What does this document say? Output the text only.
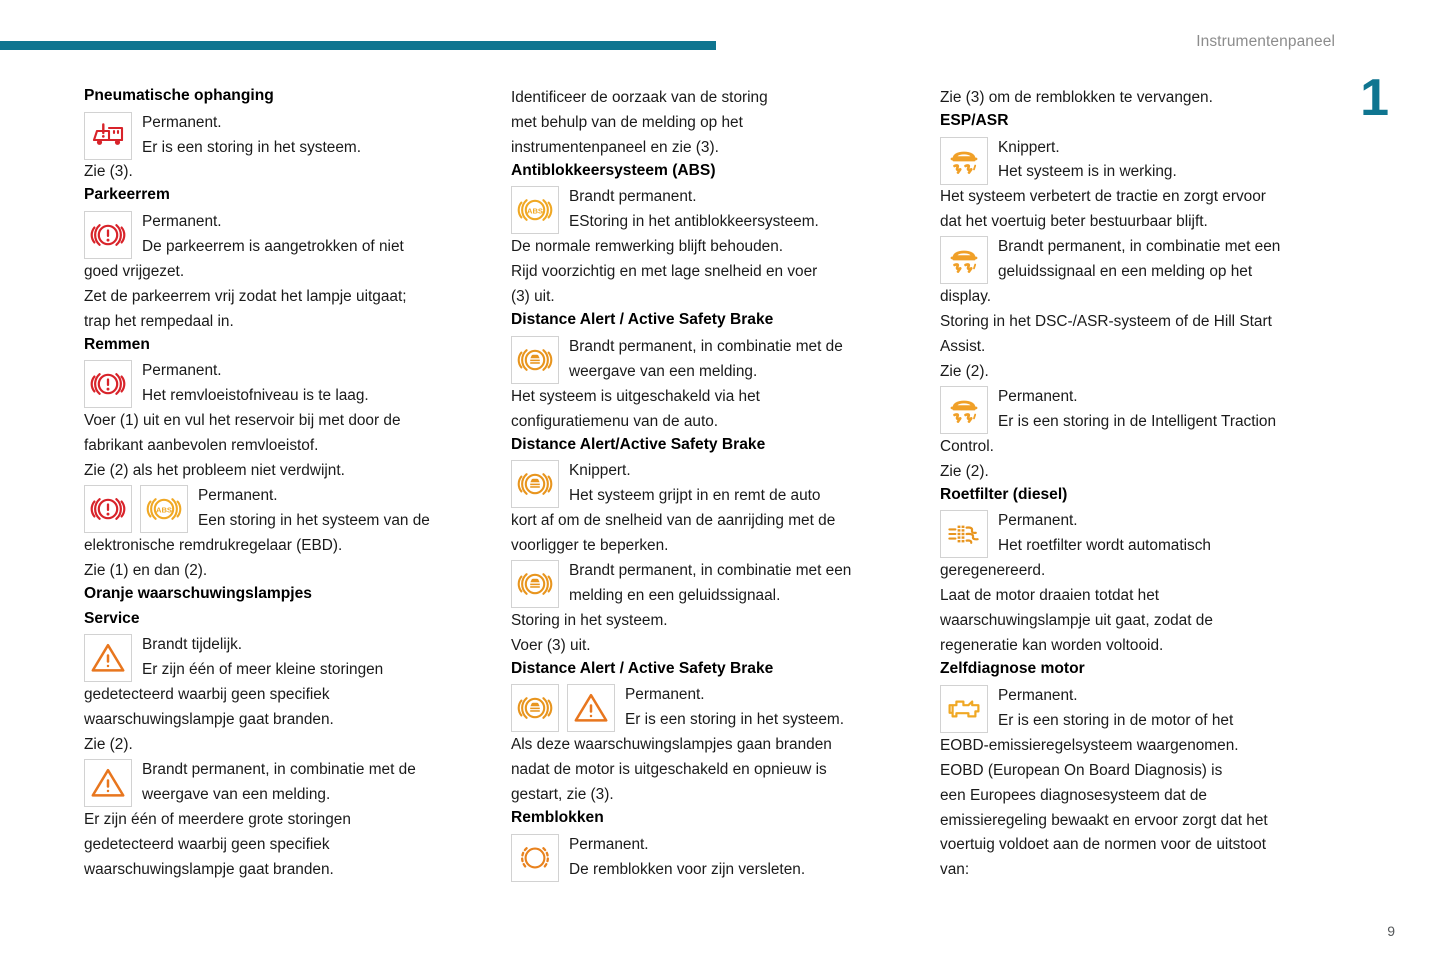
Instrumentenpaneel
1
9
Pneumatische ophanging
Permanent.
Er is een storing in het systeem.

Zie (3).

Parkeerrem
Permanent.
De parkeerrem is aangetrokken of niet

goed vrijgezet.

Zet de parkeerrem vrij zodat het lampje uitgaat;

trap het rempedaal in.

Remmen
Permanent.
Het remvloeistofniveau is te laag.

Voer (1) uit en vul het reservoir bij met door de

fabrikant aanbevolen remvloeistof.

Zie (2) als het probleem niet verdwijnt.

Permanent.
Een storing in het systeem van de

elektronische remdrukregelaar (EBD).

Zie (1) en dan (2).

Oranje waarschuwingslampjes
Service
Brandt tijdelijk.
Er zijn één of meer kleine storingen

gedetecteerd waarbij geen specifiek

waarschuwingslampje gaat branden.

Zie (2).

Brandt permanent, in combinatie met de
weergave van een melding.

Er zijn één of meerdere grote storingen

gedetecteerd waarbij geen specifiek

waarschuwingslampje gaat branden.

Identificeer de oorzaak van de storing

met behulp van de melding op het

instrumentenpaneel en zie (3).

Antiblokkeersysteem (ABS)
Brandt permanent.
EStoring in het antiblokkeersysteem.

De normale remwerking blijft behouden.

Rijd voorzichtig en met lage snelheid en voer

(3) uit.

Distance Alert / Active Safety Brake
Brandt permanent, in combinatie met de
weergave van een melding.

Het systeem is uitgeschakeld via het

configuratiemenu van de auto.

Distance Alert/Active Safety Brake
Knippert.
Het systeem grijpt in en remt de auto

kort af om de snelheid van de aanrijding met de

voorligger te beperken.

Brandt permanent, in combinatie met een
melding en een geluidssignaal.

Storing in het systeem.

Voer (3) uit.

Distance Alert / Active Safety Brake
Permanent.
Er is een storing in het systeem.

Als deze waarschuwingslampjes gaan branden

nadat de motor is uitgeschakeld en opnieuw is

gestart, zie (3).

Remblokken
Permanent.
De remblokken voor zijn versleten.

Zie (3) om de remblokken te vervangen.

ESP/ASR
Knippert.
Het systeem is in werking.

Het systeem verbetert de tractie en zorgt ervoor

dat het voertuig beter bestuurbaar blijft.

Brandt permanent, in combinatie met een
geluidssignaal en een melding op het

display.

Storing in het DSC-/ASR-systeem of de Hill Start

Assist.

Zie (2).

Permanent.
Er is een storing in de Intelligent Traction

Control.

Zie (2).

Roetfilter (diesel)
Permanent.
Het roetfilter wordt automatisch

geregenereerd.

Laat de motor draaien totdat het

waarschuwingslampje uit gaat, zodat de

regeneratie kan worden voltooid.

Zelfdiagnose motor
Permanent.
Er is een storing in de motor of het

EOBD-emissieregelsysteem waargenomen.

EOBD (European On Board Diagnosis) is

een Europees diagnosesysteem dat de

emissieregeling bewaakt en ervoor zorgt dat het

voertuig voldoet aan de normen voor de uitstoot

van:
